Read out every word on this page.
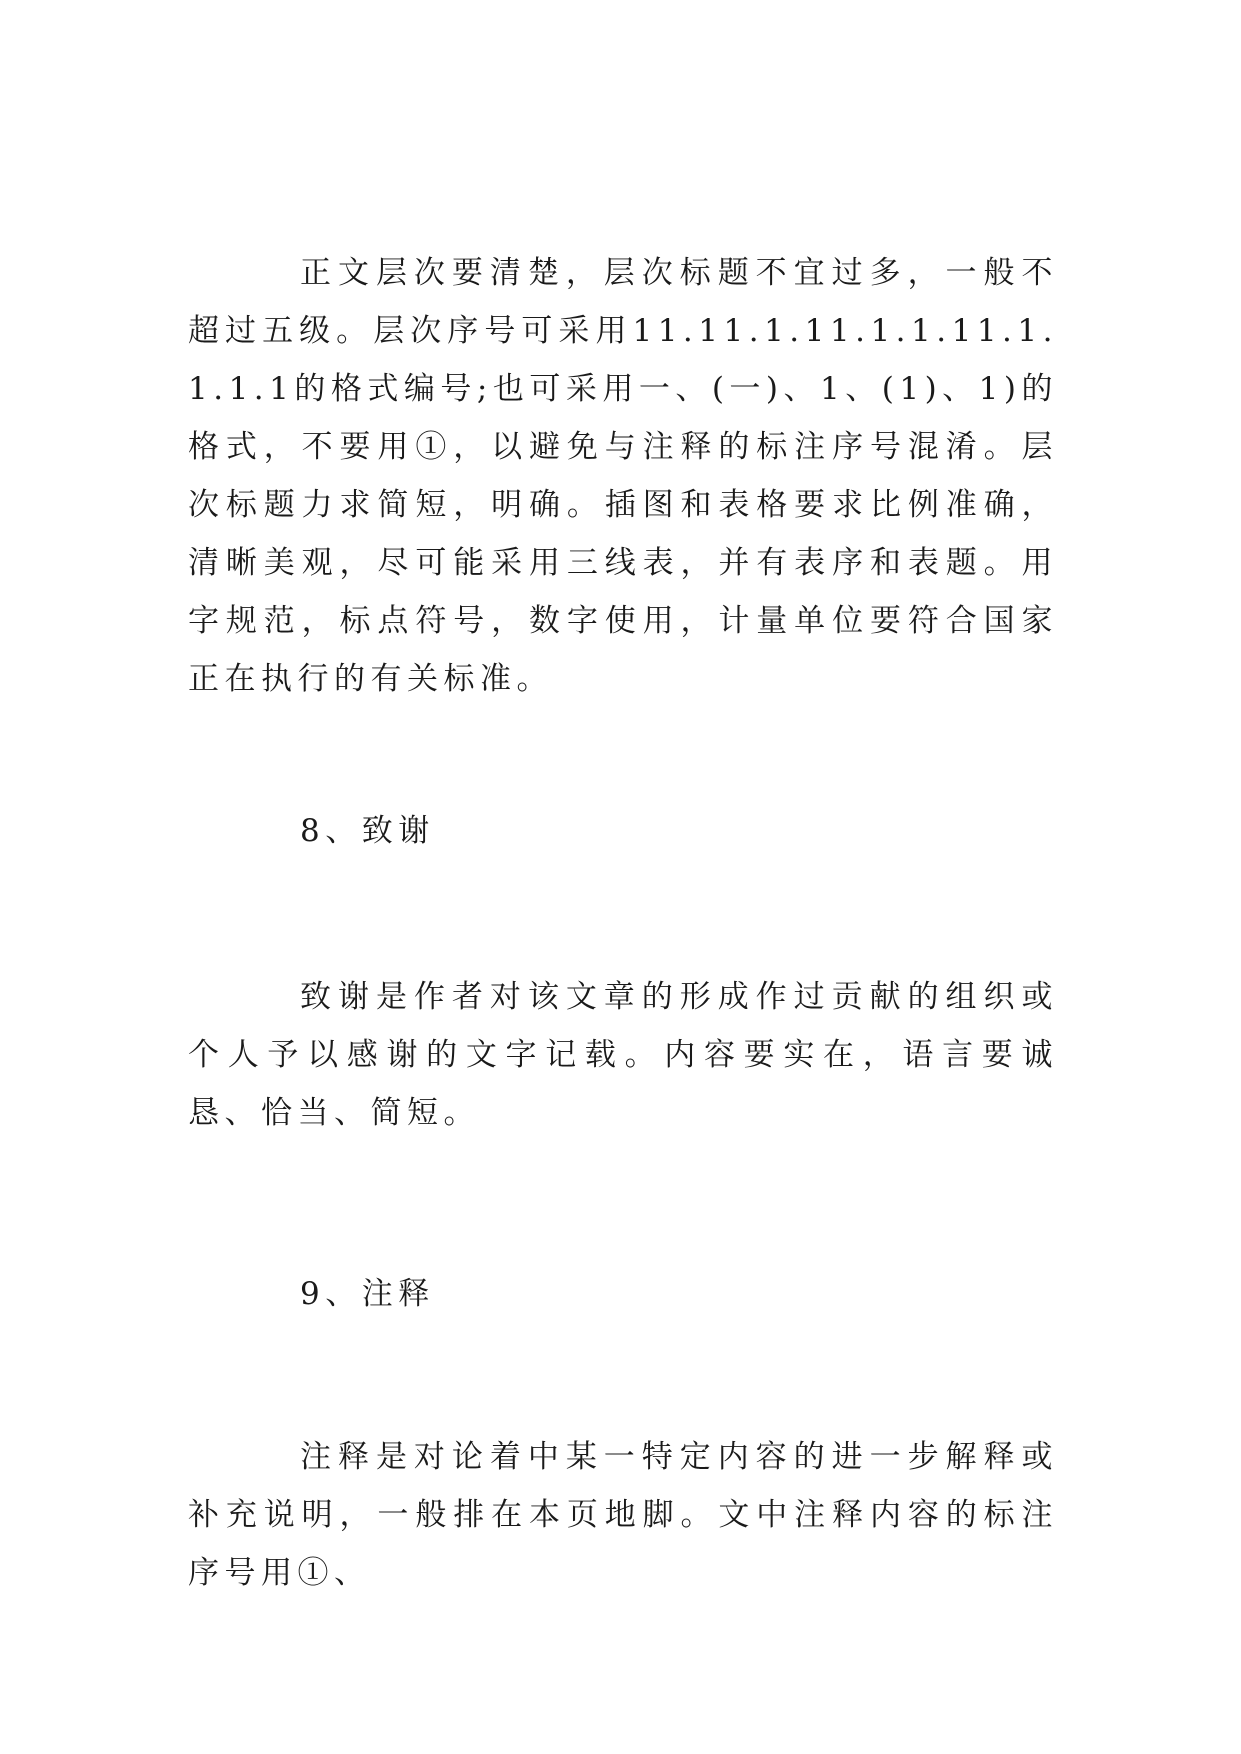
正文层次要清楚，层次标题不宜过多，一般不超过五级。层次序号可采用11.11.1.11.1.1.11.1.1.1.1的格式编号;也可采用一、(一)、1、(1)、1)的格式，不要用①，以避免与注释的标注序号混淆。层次标题力求简短，明确。插图和表格要求比例准确，清晰美观，尽可能采用三线表，并有表序和表题。用字规范，标点符号，数字使用，计量单位要符合国家正在执行的有关标准。

8、致谢

致谢是作者对该文章的形成作过贡献的组织或个人予以感谢的文字记载。内容要实在，语言要诚恳、恰当、简短。

9、注释

注释是对论着中某一特定内容的进一步解释或补充说明，一般排在本页地脚。文中注释内容的标注序号用①、
